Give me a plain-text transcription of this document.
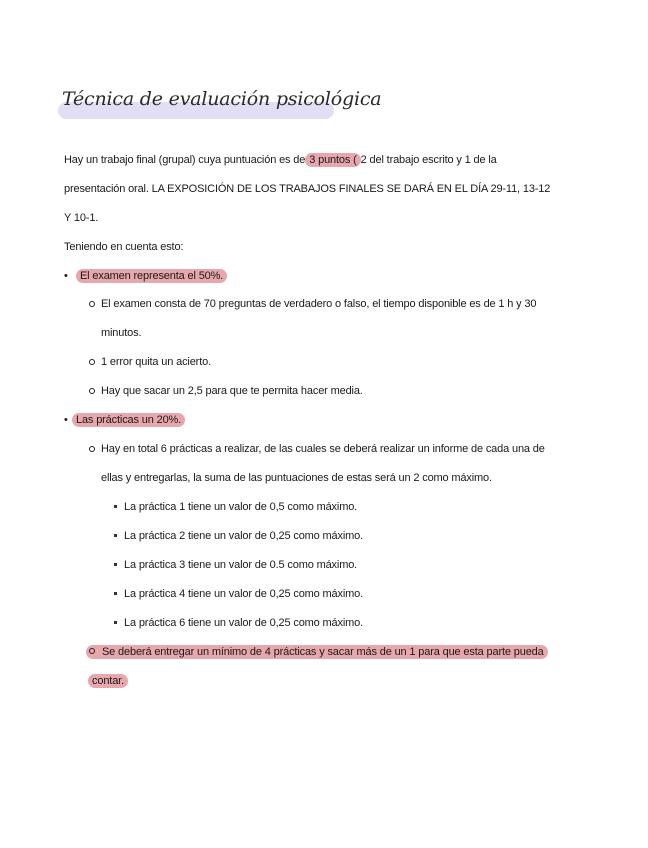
Técnica de evaluación psicológica
Hay un trabajo final (grupal) cuya puntuación es de 3 puntos ( 2 del trabajo escrito y 1 de la
presentación oral. LA EXPOSICIÓN DE LOS TRABAJOS FINALES SE DARÁ EN EL DÍA 29-11, 13-12
Y 10-1.
Teniendo en cuenta esto:
•	El examen representa el 50%.
El examen consta de 70 preguntas de verdadero o falso, el tiempo disponible es de 1 h y 30
minutos.
1 error quita un acierto.
Hay que sacar un 2,5 para que te permita hacer media.
• Las prácticas un 20%.
Hay en total 6 prácticas a realizar, de las cuales se deberá realizar un informe de cada una de
ellas y entregarlas, la suma de las puntuaciones de estas será un 2 como máximo.
La práctica 1 tiene un valor de 0,5 como máximo.
La práctica 2 tiene un valor de 0,25 como máximo.
La práctica 3 tiene un valor de 0.5 como máximo.
La práctica 4 tiene un valor de 0,25 como máximo.
La práctica 6 tiene un valor de 0,25 como máximo.
Se deberá entregar un mínimo de 4 prácticas y sacar más de un 1 para que esta parte pueda
contar.
